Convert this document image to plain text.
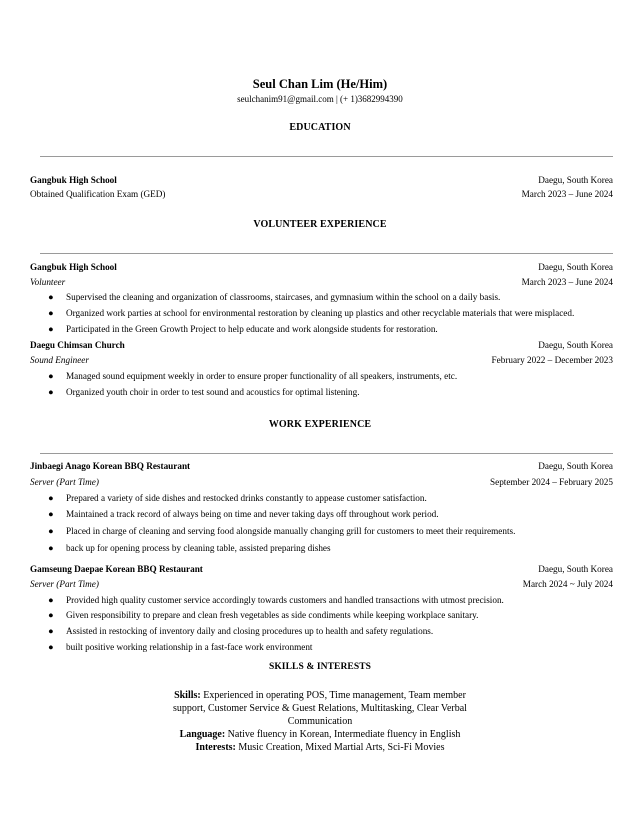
Seul Chan Lim (He/Him)
seulchanim91@gmail.com | (+ 1)3682994390
EDUCATION
Gangbuk High School	Daegu, South Korea
Obtained Qualification Exam (GED)	March 2023 – June 2024
VOLUNTEER EXPERIENCE
Gangbuk High School	Daegu, South Korea
Volunteer	March 2023 – June 2024
● Supervised the cleaning and organization of classrooms, staircases, and gymnasium within the school on a daily basis.
● Organized work parties at school for environmental restoration by cleaning up plastics and other recyclable materials that were misplaced.
● Participated in the Green Growth Project to help educate and work alongside students for restoration.
Daegu Chimsan Church	Daegu, South Korea
Sound Engineer	February 2022 – December 2023
● Managed sound equipment weekly in order to ensure proper functionality of all speakers, instruments, etc.
● Organized youth choir in order to test sound and acoustics for optimal listening.
WORK EXPERIENCE
Jinbaegi Anago Korean BBQ Restaurant	Daegu, South Korea
Server (Part Time)	September 2024 – February 2025
● Prepared a variety of side dishes and restocked drinks constantly to appease customer satisfaction.
● Maintained a track record of always being on time and never taking days off throughout work period.
● Placed in charge of cleaning and serving food alongside manually changing grill for customers to meet their requirements.
● back up for opening process by cleaning table, assisted preparing dishes
Gamseung Daepae Korean BBQ Restaurant	Daegu, South Korea
Server (Part Time)	March 2024 ~ July 2024
● Provided high quality customer service accordingly towards customers and handled transactions with utmost precision.
● Given responsibility to prepare and clean fresh vegetables as side condiments while keeping workplace sanitary.
● Assisted in restocking of inventory daily and closing procedures up to health and safety regulations.
● built positive working relationship in a fast-face work environment
SKILLS & INTERESTS
Skills: Experienced in operating POS, Time management, Team member support, Customer Service & Guest Relations, Multitasking, Clear Verbal Communication
Language: Native fluency in Korean, Intermediate fluency in English Interests: Music Creation, Mixed Martial Arts, Sci-Fi Movies
